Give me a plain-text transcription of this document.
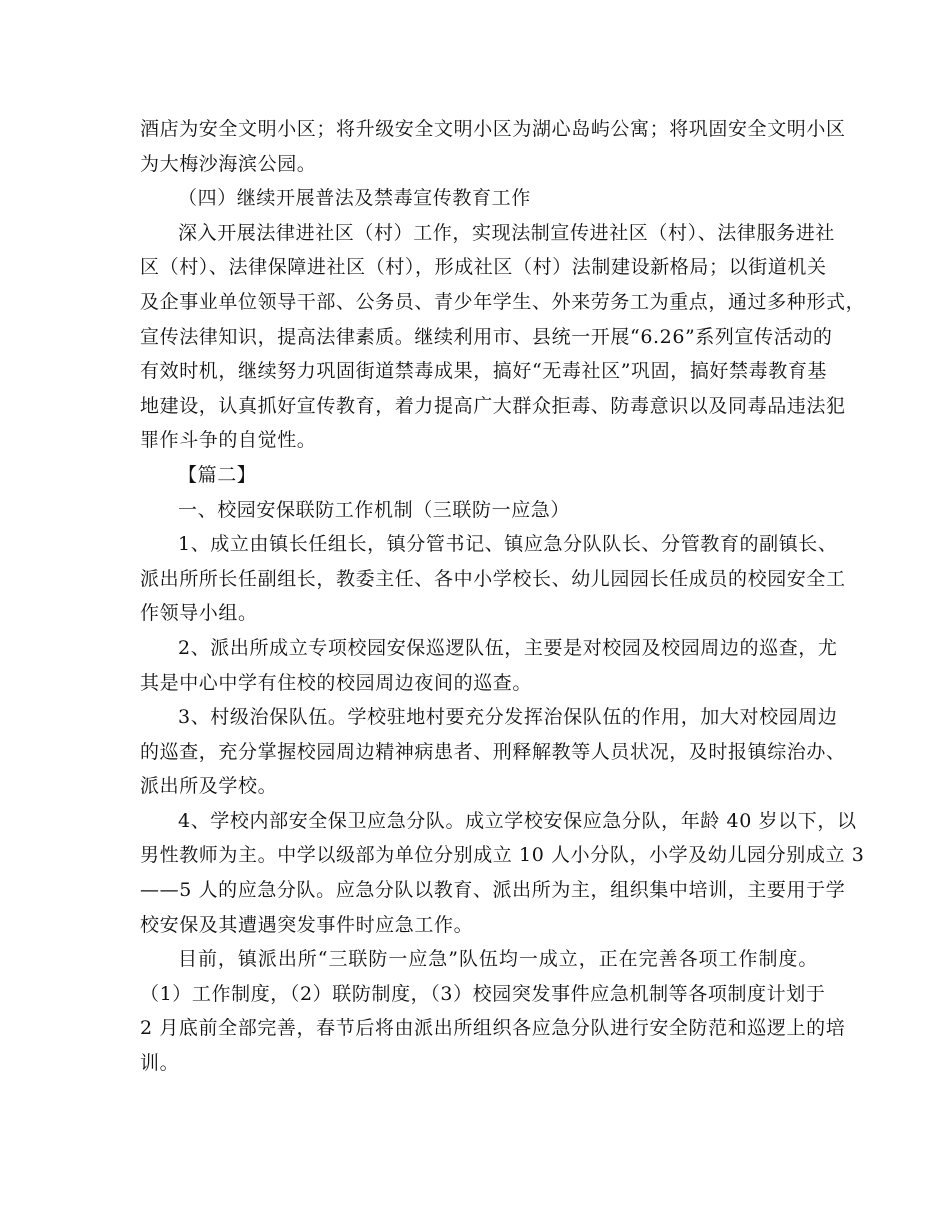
酒店为安全文明小区；将升级安全文明小区为湖心岛屿公寓；将巩固安全文明小区
为大梅沙海滨公园。
（四）继续开展普法及禁毒宣传教育工作
深入开展法律进社区（村）工作，实现法制宣传进社区（村）、法律服务进社
区（村）、法律保障进社区（村），形成社区（村）法制建设新格局；以街道机关
及企事业单位领导干部、公务员、青少年学生、外来劳务工为重点，通过多种形式，
宣传法律知识，提高法律素质。继续利用市、县统一开展“6.26”系列宣传活动的
有效时机，继续努力巩固街道禁毒成果，搞好“无毒社区”巩固，搞好禁毒教育基
地建设，认真抓好宣传教育，着力提高广大群众拒毒、防毒意识以及同毒品违法犯
罪作斗争的自觉性。
【篇二】
一、校园安保联防工作机制（三联防一应急）
1、成立由镇长任组长，镇分管书记、镇应急分队队长、分管教育的副镇长、
派出所所长任副组长，教委主任、各中小学校长、幼儿园园长任成员的校园安全工
作领导小组。
2、派出所成立专项校园安保巡逻队伍，主要是对校园及校园周边的巡查，尤
其是中心中学有住校的校园周边夜间的巡查。
3、村级治保队伍。学校驻地村要充分发挥治保队伍的作用，加大对校园周边
的巡查，充分掌握校园周边精神病患者、刑释解教等人员状况，及时报镇综治办、
派出所及学校。
4、学校内部安全保卫应急分队。成立学校安保应急分队，年龄 40 岁以下，以
男性教师为主。中学以级部为单位分别成立 10 人小分队，小学及幼儿园分别成立 3
——5 人的应急分队。应急分队以教育、派出所为主，组织集中培训，主要用于学
校安保及其遭遇突发事件时应急工作。
目前，镇派出所“三联防一应急”队伍均一成立，正在完善各项工作制度。
（1）工作制度，（2）联防制度，（3）校园突发事件应急机制等各项制度计划于
2 月底前全部完善，春节后将由派出所组织各应急分队进行安全防范和巡逻上的培
训。
